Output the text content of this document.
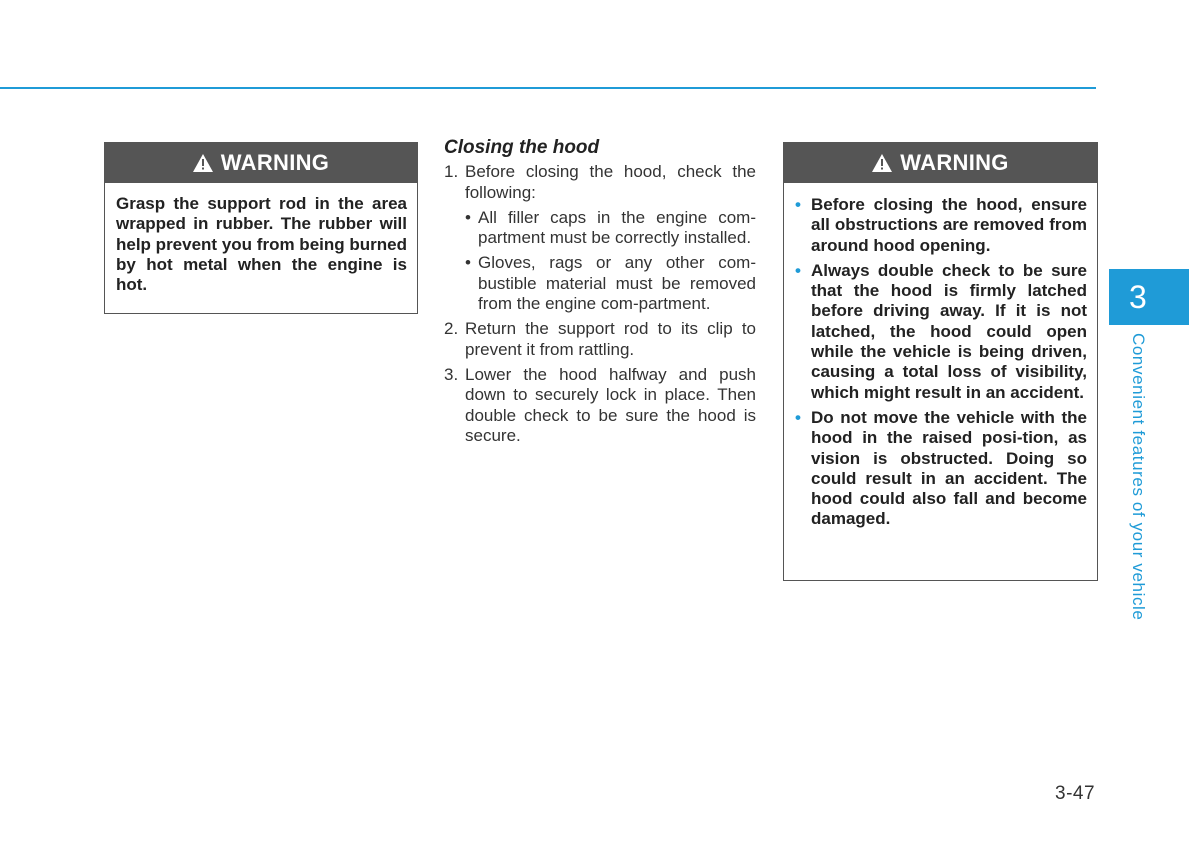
WARNING
Grasp the support rod in the area wrapped in rubber. The rubber will help prevent you from being burned by hot metal when the engine is hot.
Closing the hood
1. Before closing the hood, check the following:
• All filler caps in the engine com-partment must be correctly installed.
• Gloves, rags or any other com-bustible material must be removed from the engine com-partment.
2. Return the support rod to its clip to prevent it from rattling.
3. Lower the hood halfway and push down to securely lock in place. Then double check to be sure the hood is secure.
WARNING
• Before closing the hood, ensure all obstructions are removed from around hood opening.
• Always double check to be sure that the hood is firmly latched before driving away. If it is not latched, the hood could open while the vehicle is being driven, causing a total loss of visibility, which might result in an accident.
• Do not move the vehicle with the hood in the raised posi-tion, as vision is obstructed. Doing so could result in an accident. The hood could also fall and become damaged.
3
Convenient features of your vehicle
3-47
